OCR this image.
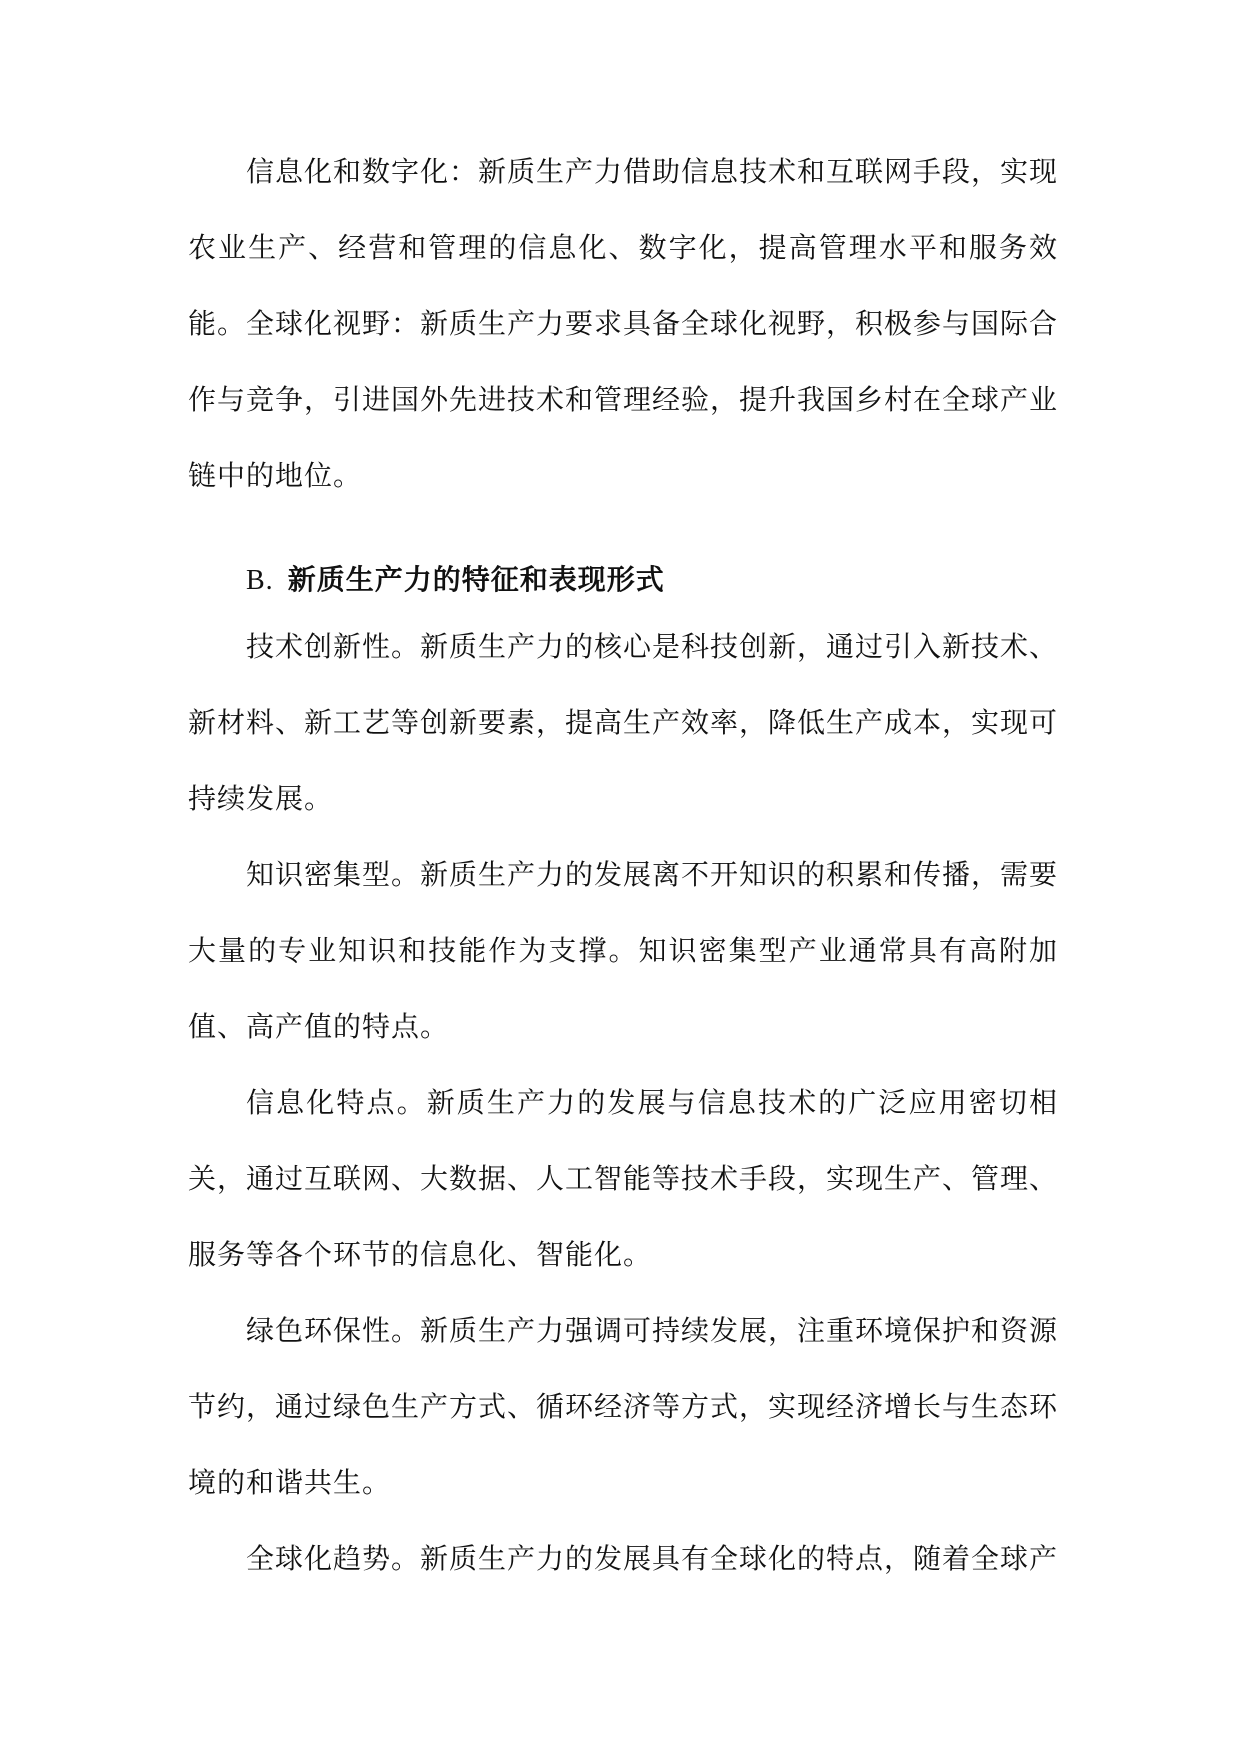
信息化和数字化：新质生产力借助信息技术和互联网手段，实现农业生产、经营和管理的信息化、数字化，提高管理水平和服务效能。 全球化视野：新质生产力要求具备全球化视野，积极参与国际合作与竞争，引进国外先进技术和管理经验，提升我国乡村在全球产业链中的地位。

B. 新质生产力的特征和表现形式

技术创新性。新质生产力的核心是科技创新，通过引入新技术、新材料、新工艺等创新要素，提高生产效率，降低生产成本，实现可持续发展。

知识密集型。新质生产力的发展离不开知识的积累和传播，需要大量的专业知识和技能作为支撑。知识密集型产业通常具有高附加值、高产值的特点。

信息化特点。新质生产力的发展与信息技术的广泛应用密切相关，通过互联网、大数据、人工智能等技术手段，实现生产、管理、服务等各个环节的信息化、智能化。

绿色环保性。新质生产力强调可持续发展，注重环境保护和资源节约，通过绿色生产方式、循环经济等方式，实现经济增长与生态环境的和谐共生。

全球化趋势。新质生产力的发展具有全球化的特点，随着全球产
